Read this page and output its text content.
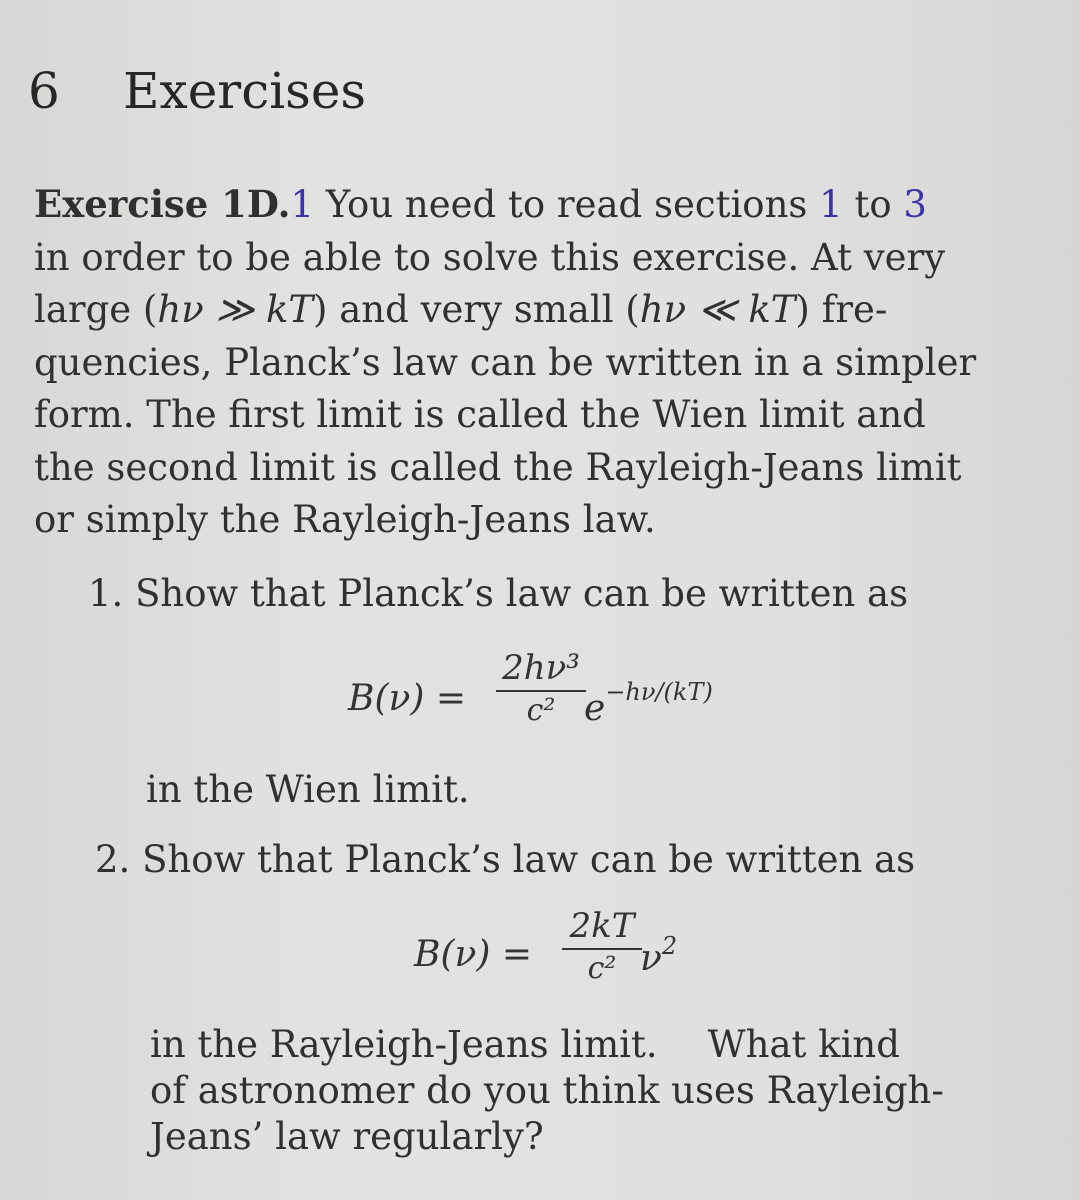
6 Exercises
Exercise 1D.1 You need to read sections 1 to 3
in order to be able to solve this exercise. At very
large (hν ≫ kT) and very small (hν ≪ kT) fre-
quencies, Planck’s law can be written in a simpler
form. The first limit is called the Wien limit and
the second limit is called the Rayleigh-Jeans limit
or simply the Rayleigh-Jeans law.
1. Show that Planck’s law can be written as
B(ν) =
2hν³
c² $e^{-h\nu/(kT)}$
in the Wien limit.
2. Show that Planck’s law can be written as
B(ν) =
2kT
c² $\nu^2$
in the Rayleigh-Jeans limit. What kind
of astronomer do you think uses Rayleigh-
Jeans’ law regularly?
